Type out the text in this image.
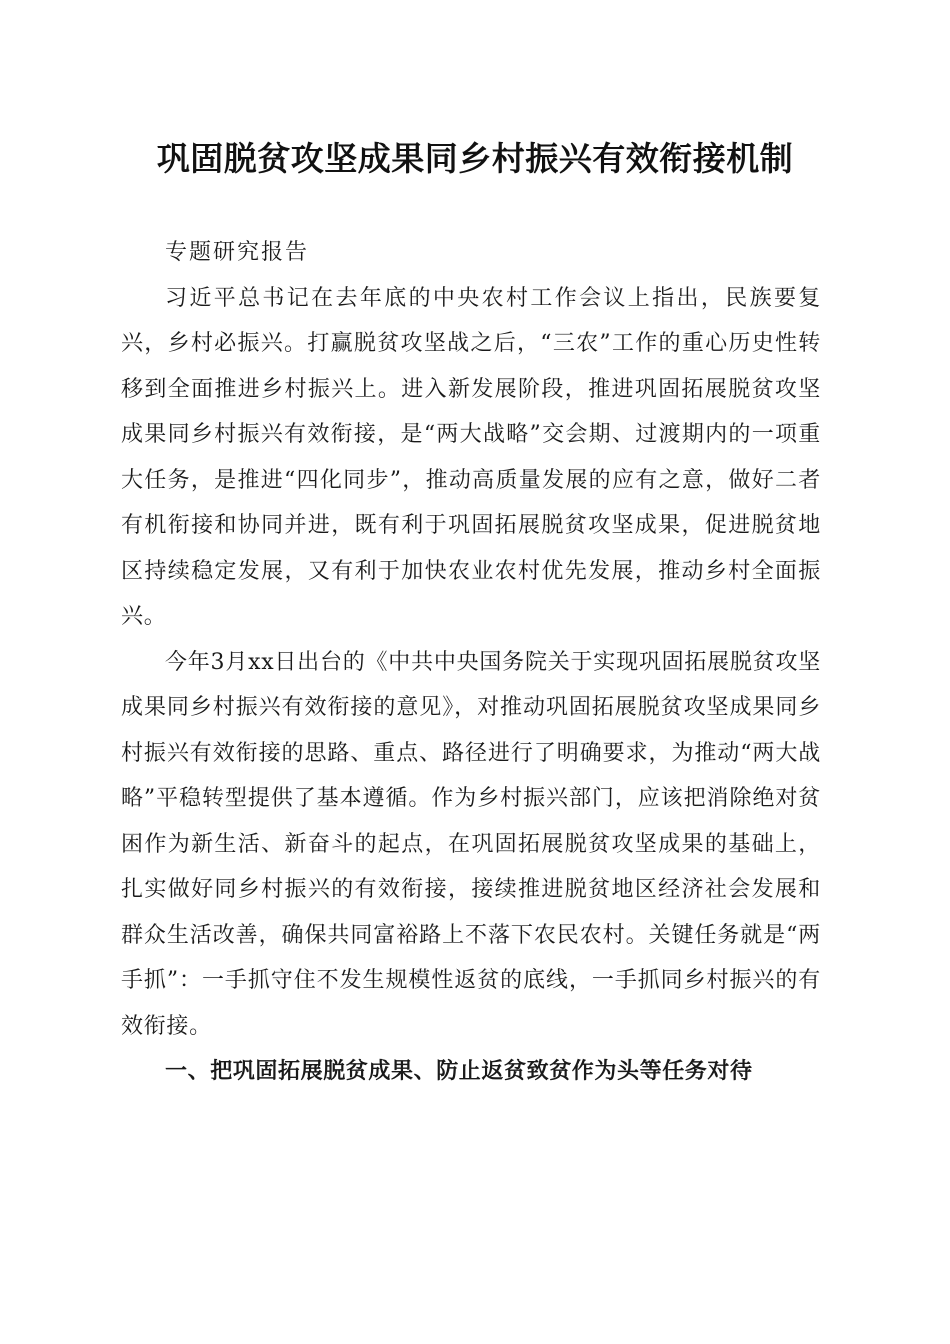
巩固脱贫攻坚成果同乡村振兴有效衔接机制

专题研究报告

习近平总书记在去年底的中央农村工作会议上指出，民族要复兴，乡村必振兴。打赢脱贫攻坚战之后，“三农”工作的重心历史性转移到全面推进乡村振兴上。进入新发展阶段，推进巩固拓展脱贫攻坚成果同乡村振兴有效衔接，是“两大战略”交会期、过渡期内的一项重大任务，是推进“四化同步”，推动高质量发展的应有之意，做好二者有机衔接和协同并进，既有利于巩固拓展脱贫攻坚成果，促进脱贫地区持续稳定发展，又有利于加快农业农村优先发展，推动乡村全面振兴。

今年3月xx日出台的《中共中央国务院关于实现巩固拓展脱贫攻坚成果同乡村振兴有效衔接的意见》，对推动巩固拓展脱贫攻坚成果同乡村振兴有效衔接的思路、重点、路径进行了明确要求，为推动“两大战略”平稳转型提供了基本遵循。作为乡村振兴部门，应该把消除绝对贫困作为新生活、新奋斗的起点，在巩固拓展脱贫攻坚成果的基础上，扎实做好同乡村振兴的有效衔接，接续推进脱贫地区经济社会发展和群众生活改善，确保共同富裕路上不落下农民农村。关键任务就是“两手抓”：一手抓守住不发生规模性返贫的底线，一手抓同乡村振兴的有效衔接。

一、把巩固拓展脱贫成果、防止返贫致贫作为头等任务对待
